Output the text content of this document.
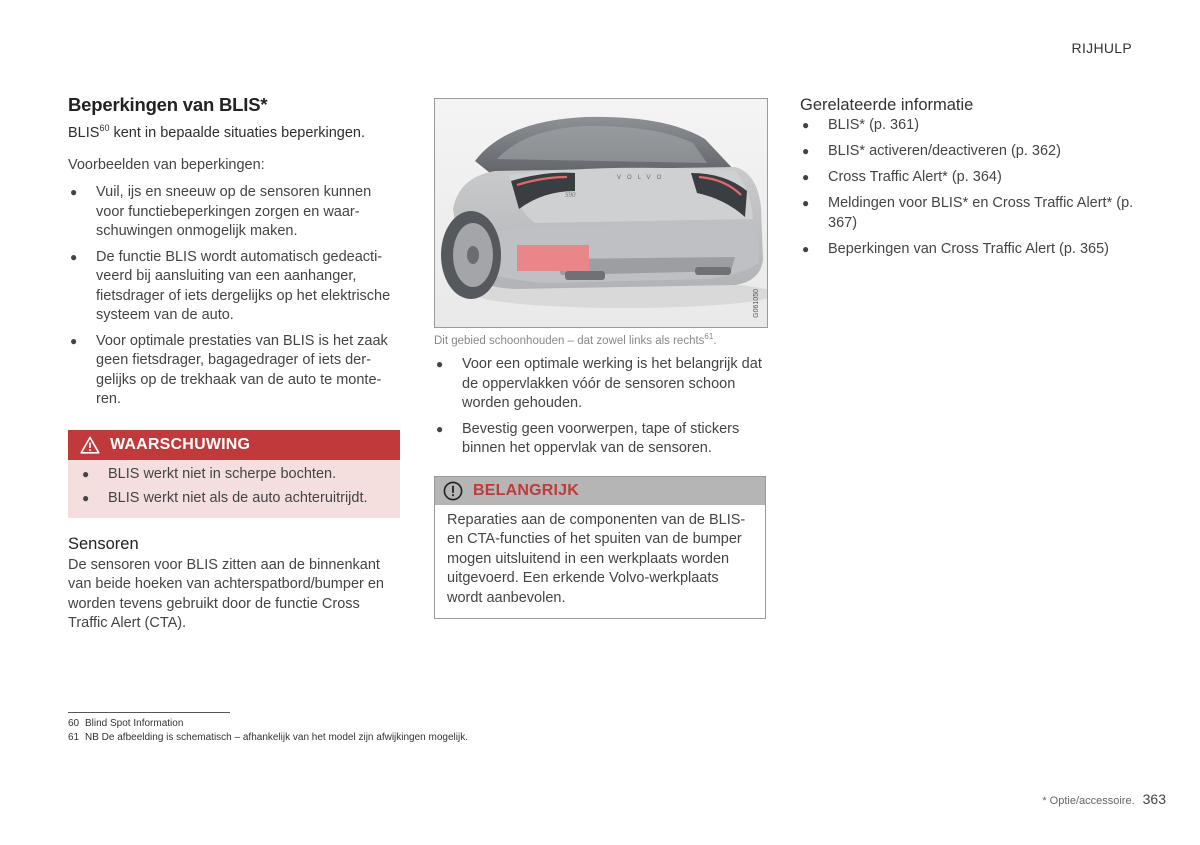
RIJHULP
Beperkingen van BLIS*

BLIS$^{60}$ kent in bepaalde situaties beperkingen.

Voorbeelden van beperkingen:

● Vuil, ijs en sneeuw op de sensoren kunnen voor functiebeperkingen zorgen en waarschuwingen onmogelijk maken.
● De functie BLIS wordt automatisch gedeactiveerd bij aansluiting van een aanhanger, fietsdrager of iets dergelijks op het elektrische systeem van de auto.
● Voor optimale prestaties van BLIS is het zaak geen fietsdrager, bagagedrager of iets dergelijks op de trekhaak van de auto te monteren.
WAARSCHUWING
● BLIS werkt niet in scherpe bochten.
● BLIS werkt niet als de auto achteruitrijdt.
Sensoren

De sensoren voor BLIS zitten aan de binnenkant van beide hoeken van achterspatbord/bumper en worden tevens gebruikt door de functie Cross Traffic Alert (CTA).

VOLVO
S90
G061050

Dit gebied schoonhouden – dat zowel links als rechts$^{61}$.

● Voor een optimale werking is het belangrijk dat de oppervlakken vóór de sensoren schoon worden gehouden.
● Bevestig geen voorwerpen, tape of stickers binnen het oppervlak van de sensoren.
BELANGRIJK
Reparaties aan de componenten van de BLIS- en CTA-functies of het spuiten van de bumper mogen uitsluitend in een werkplaats worden uitgevoerd. Een erkende Volvo-werkplaats wordt aanbevolen.
Gerelateerde informatie
● BLIS* (p. 361)
● BLIS* activeren/deactiveren (p. 362)
● Cross Traffic Alert* (p. 364)
● Meldingen voor BLIS* en Cross Traffic Alert* (p. 367)
● Beperkingen van Cross Traffic Alert (p. 365)
60 Blind Spot Information
61 NB De afbeelding is schematisch – afhankelijk van het model zijn afwijkingen mogelijk.
* Optie/accessoire. 363
